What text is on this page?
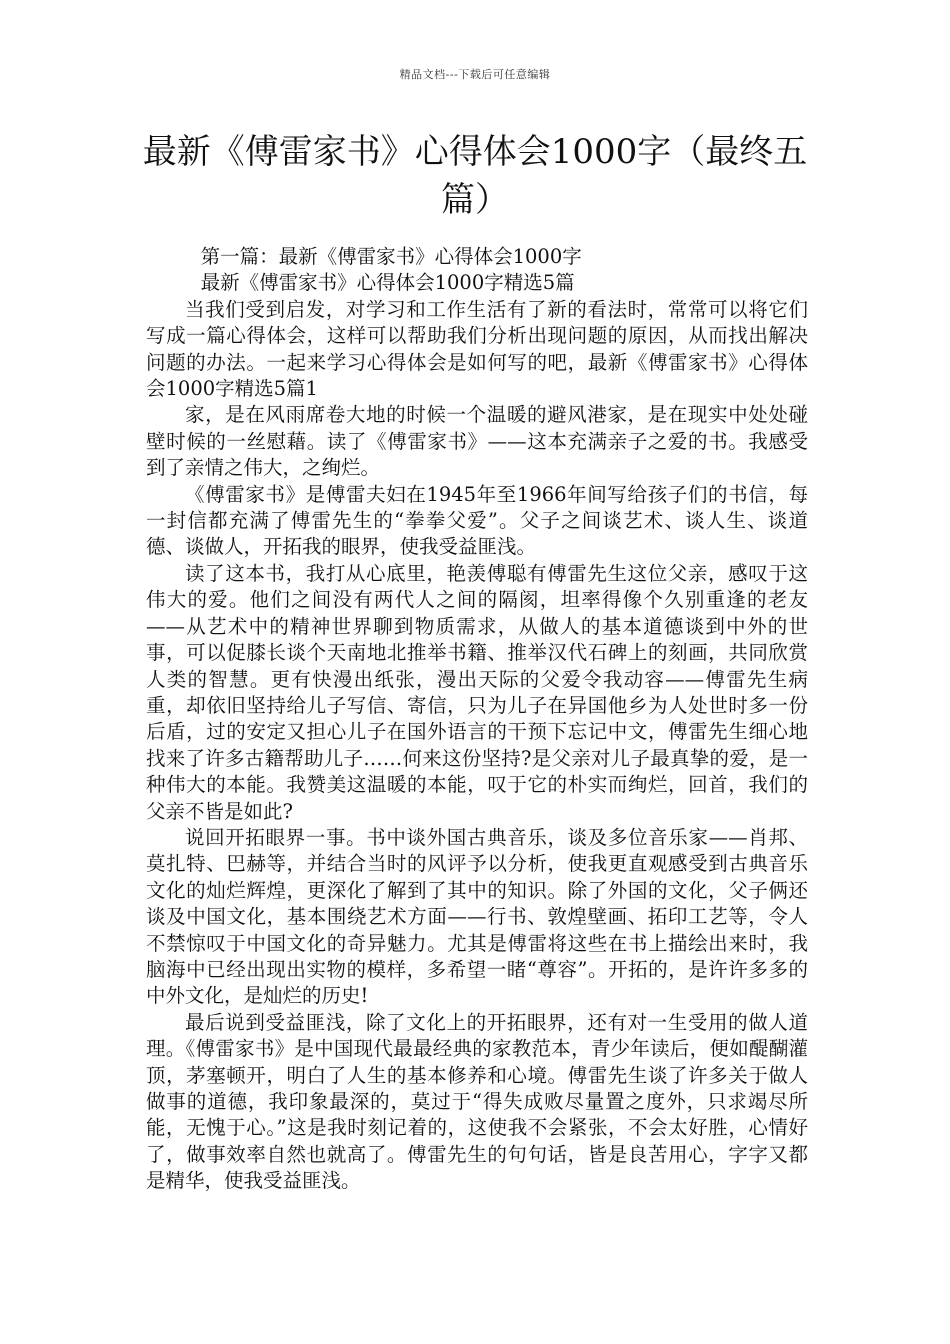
精品文档---下载后可任意编辑
最新《傅雷家书》心得体会1000字（最终五篇）

第一篇：最新《傅雷家书》心得体会1000字

最新《傅雷家书》心得体会1000字精选5篇

当我们受到启发，对学习和工作生活有了新的看法时，常常可以将它们写成一篇心得体会，这样可以帮助我们分析出现问题的原因，从而找出解决问题的办法。一起来学习心得体会是如何写的吧，最新《傅雷家书》心得体会1000字精选5篇1

家，是在风雨席卷大地的时候一个温暖的避风港家，是在现实中处处碰壁时候的一丝慰藉。读了《傅雷家书》——这本充满亲子之爱的书。我感受到了亲情之伟大，之绚烂。

《傅雷家书》是傅雷夫妇在1945年至1966年间写给孩子们的书信，每一封信都充满了傅雷先生的“拳拳父爱”。父子之间谈艺术、谈人生、谈道德、谈做人，开拓我的眼界，使我受益匪浅。

读了这本书，我打从心底里，艳羡傅聪有傅雷先生这位父亲，感叹于这伟大的爱。他们之间没有两代人之间的隔阂，坦率得像个久别重逢的老友——从艺术中的精神世界聊到物质需求，从做人的基本道德谈到中外的世事，可以促膝长谈个天南地北推举书籍、推举汉代石碑上的刻画，共同欣赏人类的智慧。更有快漫出纸张，漫出天际的父爱令我动容——傅雷先生病重，却依旧坚持给儿子写信、寄信，只为儿子在异国他乡为人处世时多一份后盾，过的安定又担心儿子在国外语言的干预下忘记中文，傅雷先生细心地找来了许多古籍帮助儿子……何来这份坚持?是父亲对儿子最真挚的爱，是一种伟大的本能。我赞美这温暖的本能，叹于它的朴实而绚烂，回首，我们的父亲不皆是如此?

说回开拓眼界一事。书中谈外国古典音乐，谈及多位音乐家——肖邦、莫扎特、巴赫等，并结合当时的风评予以分析，使我更直观感受到古典音乐文化的灿烂辉煌，更深化了解到了其中的知识。除了外国的文化，父子俩还谈及中国文化，基本围绕艺术方面——行书、敦煌壁画、拓印工艺等，令人不禁惊叹于中国文化的奇异魅力。尤其是傅雷将这些在书上描绘出来时，我脑海中已经出现出实物的模样，多希望一睹“尊容”。开拓的，是许许多多的中外文化，是灿烂的历史!

最后说到受益匪浅，除了文化上的开拓眼界，还有对一生受用的做人道理。《傅雷家书》是中国现代最最经典的家教范本，青少年读后，便如醍醐灌顶，茅塞顿开，明白了人生的基本修养和心境。傅雷先生谈了许多关于做人做事的道德，我印象最深的，莫过于“得失成败尽量置之度外，只求竭尽所能，无愧于心。”这是我时刻记着的，这使我不会紧张，不会太好胜，心情好了，做事效率自然也就高了。傅雷先生的句句话，皆是良苦用心，字字又都是精华，使我受益匪浅。
